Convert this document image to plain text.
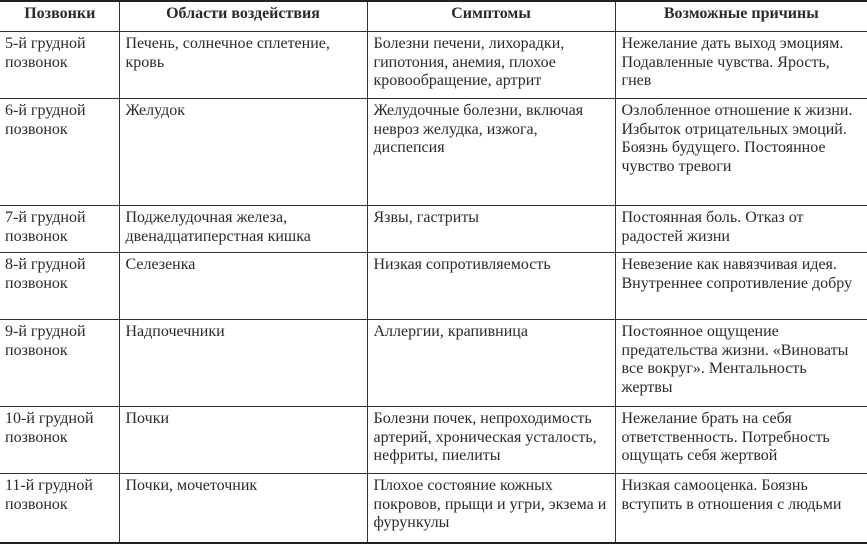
Позвонки	Области воздействия	Симптомы	Возможные причины
5-й грудной позвонок	Печень, солнечное сплетение, кровь	Болезни печени, лихорадки, гипотония, анемия, плохое кровообращение, артрит	Нежелание дать выход эмоциям. Подавленные чувства. Ярость, гнев
6-й грудной позвонок	Желудок	Желудочные болезни, включая невроз желудка, изжога, диспепсия	Озлобленное отношение к жизни. Избыток отрицательных эмоций. Боязнь будущего. Постоянное чувство тревоги
7-й грудной позвонок	Поджелудочная железа, двенадцатиперстная кишка	Язвы, гастриты	Постоянная боль. Отказ от радостей жизни
8-й грудной позвонок	Селезенка	Низкая сопротивляемость	Невезение как навязчивая идея. Внутреннее сопротивление добру
9-й грудной позвонок	Надпочечники	Аллергии, крапивница	Постоянное ощущение предательства жизни. «Виноваты все вокруг». Ментальность жертвы
10-й грудной позвонок	Почки	Болезни почек, непроходимость артерий, хроническая усталость, нефриты, пиелиты	Нежелание брать на себя ответственность. Потребность ощущать себя жертвой
11-й грудной позвонок	Почки, мочеточник	Плохое состояние кожных покровов, прыщи и угри, экзема и фурункулы	Низкая самооценка. Боязнь вступить в отношения с людьми
